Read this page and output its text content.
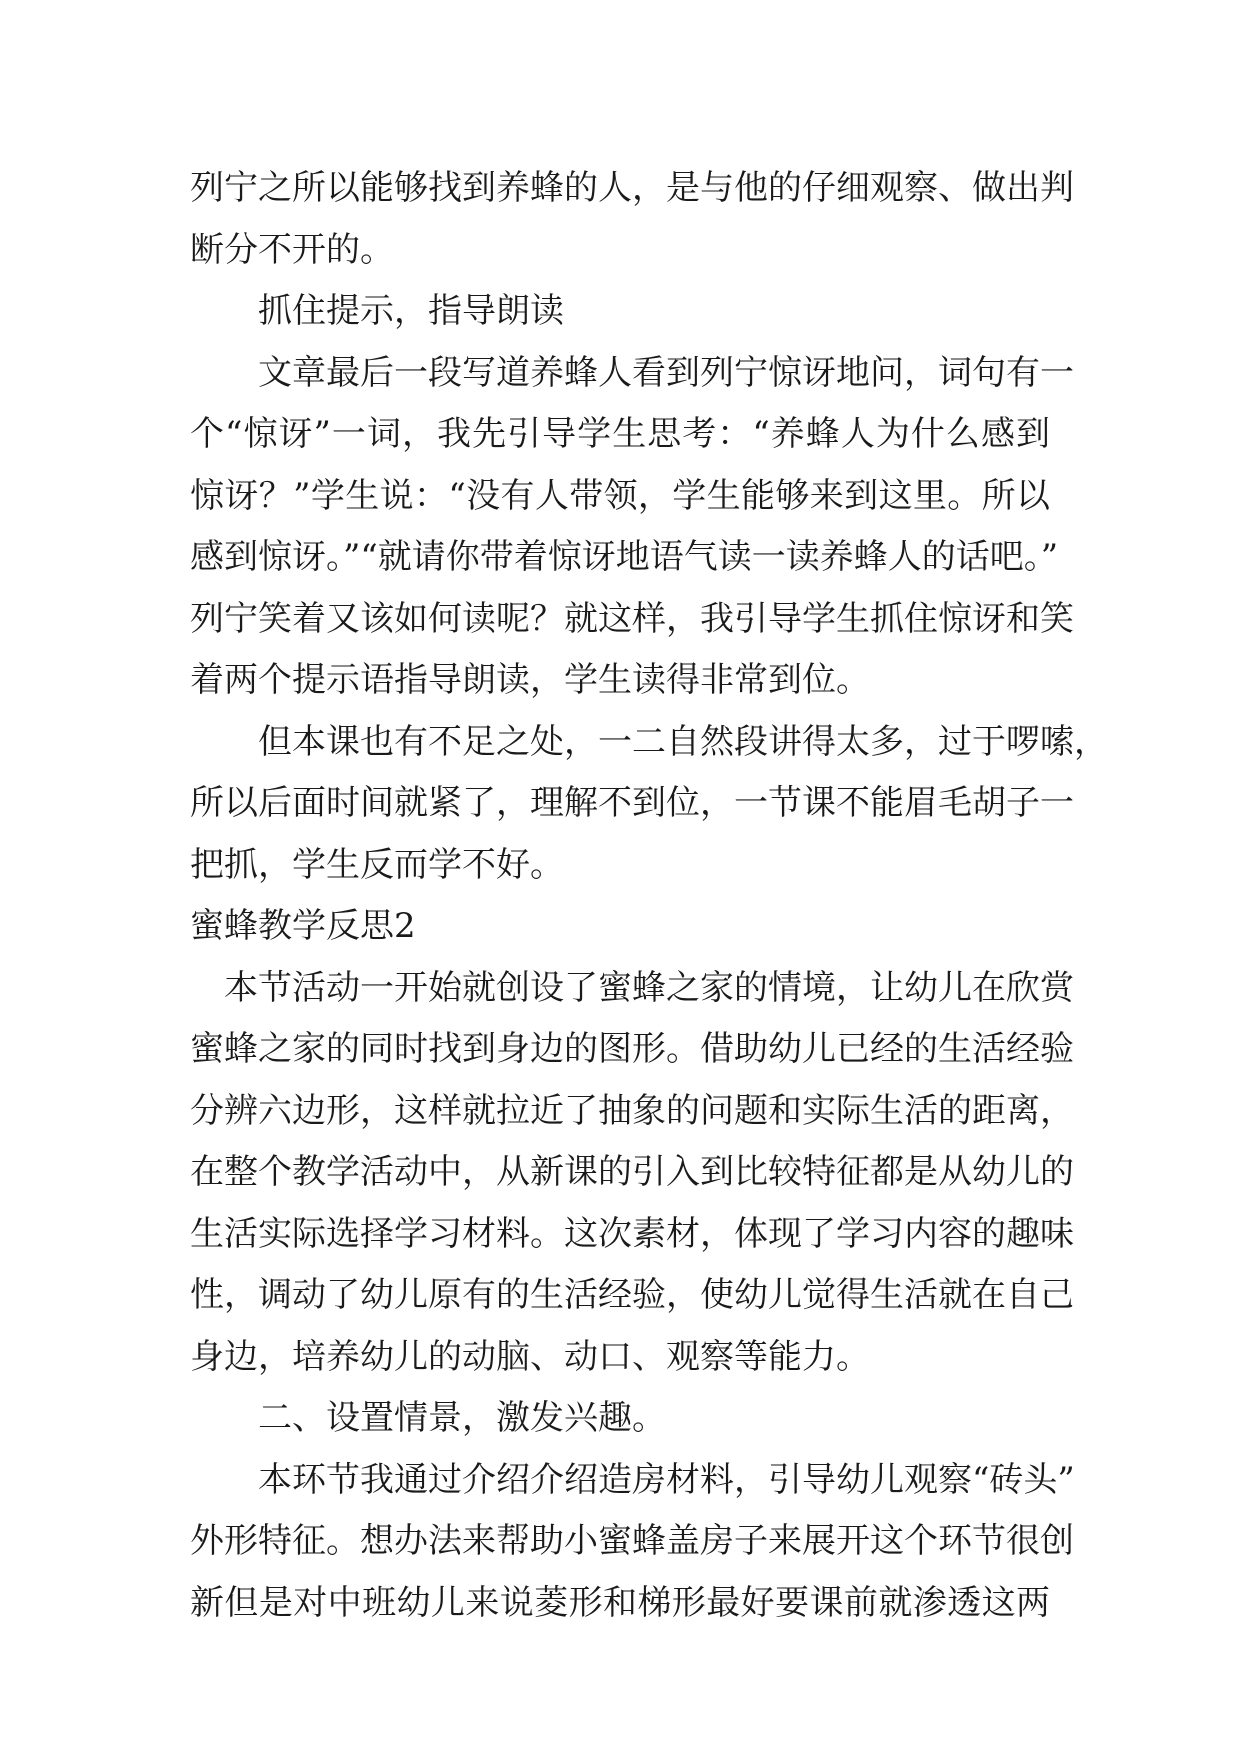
列宁之所以能够找到养蜂的人，是与他的仔细观察、做出判
断分不开的。
抓住提示，指导朗读
文章最后一段写道养蜂人看到列宁惊讶地问，词句有一
个“惊讶”一词，我先引导学生思考：“养蜂人为什么感到
惊讶？”学生说：“没有人带领，学生能够来到这里。所以
感到惊讶。”“就请你带着惊讶地语气读一读养蜂人的话吧。”
列宁笑着又该如何读呢？就这样，我引导学生抓住惊讶和笑
着两个提示语指导朗读，学生读得非常到位。
但本课也有不足之处，一二自然段讲得太多，过于啰嗦，
所以后面时间就紧了，理解不到位，一节课不能眉毛胡子一
把抓，学生反而学不好。
蜜蜂教学反思2
本节活动一开始就创设了蜜蜂之家的情境，让幼儿在欣赏
蜜蜂之家的同时找到身边的图形。借助幼儿已经的生活经验
分辨六边形，这样就拉近了抽象的问题和实际生活的距离，
在整个教学活动中，从新课的引入到比较特征都是从幼儿的
生活实际选择学习材料。这次素材，体现了学习内容的趣味
性，调动了幼儿原有的生活经验，使幼儿觉得生活就在自己
身边，培养幼儿的动脑、动口、观察等能力。
二、设置情景，激发兴趣。
本环节我通过介绍介绍造房材料，引导幼儿观察“砖头”
外形特征。想办法来帮助小蜜蜂盖房子来展开这个环节很创
新但是对中班幼儿来说菱形和梯形最好要课前就渗透这两
